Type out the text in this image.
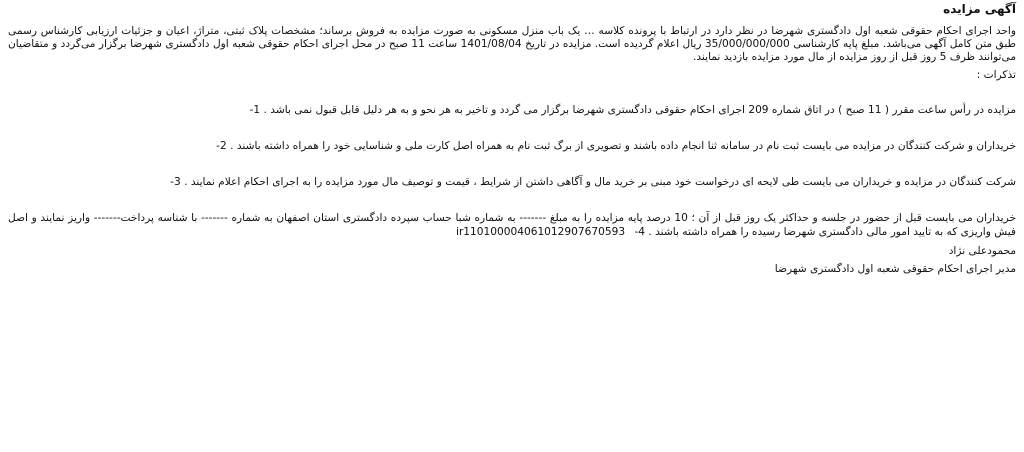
آگهی مزایده

واحد اجرای احکام حقوقی شعبه اول دادگستری شهرضا در نظر دارد در ارتباط با پرونده کلاسه … یک باب منزل مسکونی به صورت مزایده به فروش برساند؛ مشخصات پلاک ثبتی، متراژ، اعیان و جزئیات ارزیابی کارشناس رسمی طبق متن کامل آگهی می‌باشد. مبلغ پایه کارشناسی 35/000/000/000 ریال اعلام گردیده است. مزایده در تاریخ 1401/08/04 ساعت 11 صبح در محل اجرای احکام حقوقی شعبه اول دادگستری شهرضا برگزار می‌گردد و متقاضیان می‌توانند ظرف 5 روز قبل از روز مزایده از مال مورد مزایده بازدید نمایند.

تذکرات :

مزایده در رأس ساعت مقرر ( 11 صبح ) در اتاق شماره 209 اجرای احکام حقوقی دادگستری شهرضا برگزار می گردد و تاخیر به هر نحو و به هر دلیل قابل قبول نمی باشد . 1-

خریداران و شرکت کنندگان در مزایده می بایست ثبت نام در سامانه ثنا انجام داده باشند و تصویری از برگ ثبت نام به همراه اصل کارت ملی و شناسایی خود را همراه داشته باشند . 2-

شرکت کنندگان در مزایده و خریداران می بایست طی لایحه ای درخواست خود مبنی بر خرید مال و آگاهی داشتن از شرایط ، قیمت و توصیف مال مورد مزایده را به اجرای احکام اعلام نمایند . 3-

خریداران می بایست قبل از حضور در جلسه و حداکثر یک روز قبل از آن ؛ 10 درصد پایه مزایده را به مبلغ ------- به شماره شبا حساب سپرده دادگستری استان اصفهان به شماره ------- با شناسه پرداخت------- واریز نمایند و اصل فیش واریزی که به تایید امور مالی دادگستری شهرضا رسیده را همراه داشته باشند . 4- ir110100004061012907670593

محمودعلی نژاد

مدیر اجرای احکام حقوقی شعبه اول دادگستری شهرضا
